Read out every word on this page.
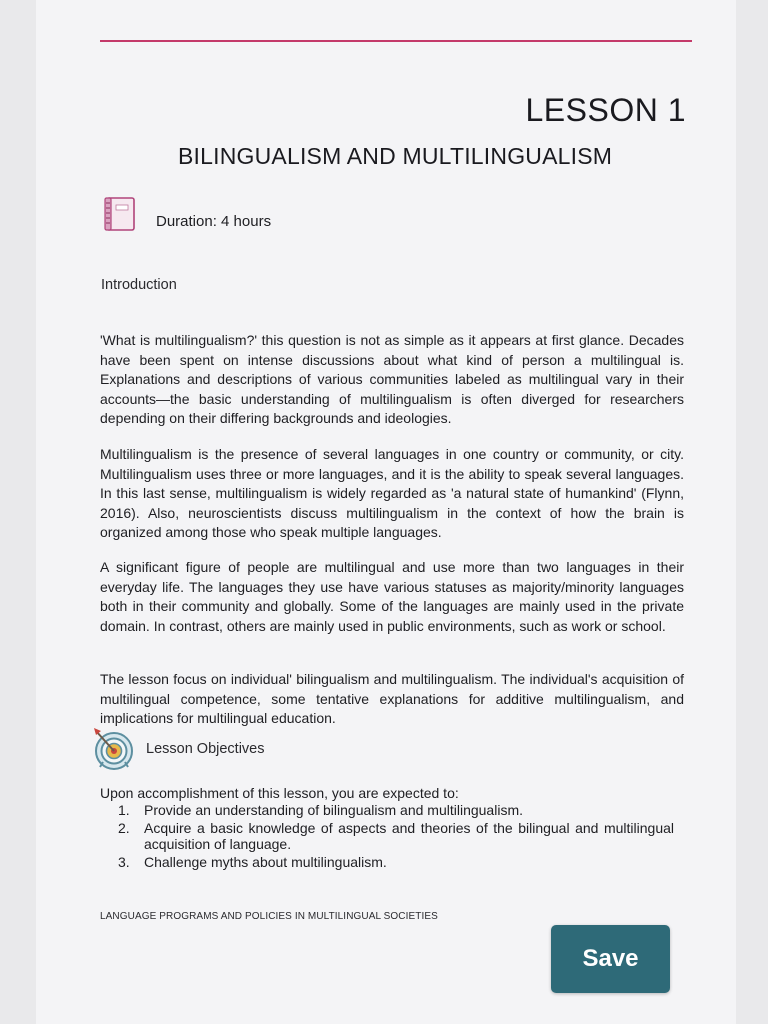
LESSON 1
BILINGUALISM AND MULTILINGUALISM
Duration: 4 hours
Introduction

'What is multilingualism?' this question is not as simple as it appears at first glance. Decades have been spent on intense discussions about what kind of person a multilingual is. Explanations and descriptions of various communities labeled as multilingual vary in their accounts—the basic understanding of multilingualism is often diverged for researchers depending on their differing backgrounds and ideologies.

Multilingualism is the presence of several languages in one country or community, or city. Multilingualism uses three or more languages, and it is the ability to speak several languages. In this last sense, multilingualism is widely regarded as 'a natural state of humankind' (Flynn, 2016). Also, neuroscientists discuss multilingualism in the context of how the brain is organized among those who speak multiple languages.

A significant figure of people are multilingual and use more than two languages in their everyday life. The languages they use have various statuses as majority/minority languages both in their community and globally. Some of the languages are mainly used in the private domain. In contrast, others are mainly used in public environments, such as work or school.

The lesson focus on individual' bilingualism and multilingualism. The individual's acquisition of multilingual competence, some tentative explanations for additive multilingualism, and implications for multilingual education.

Lesson Objectives
Upon accomplishment of this lesson, you are expected to:
1.	Provide an understanding of bilingualism and multilingualism.
2.	Acquire a basic knowledge of aspects and theories of the bilingual and multilingual acquisition of language.
3.	Challenge myths about multilingualism.
LANGUAGE PROGRAMS AND POLICIES IN MULTILINGUAL SOCIETIES
Save
